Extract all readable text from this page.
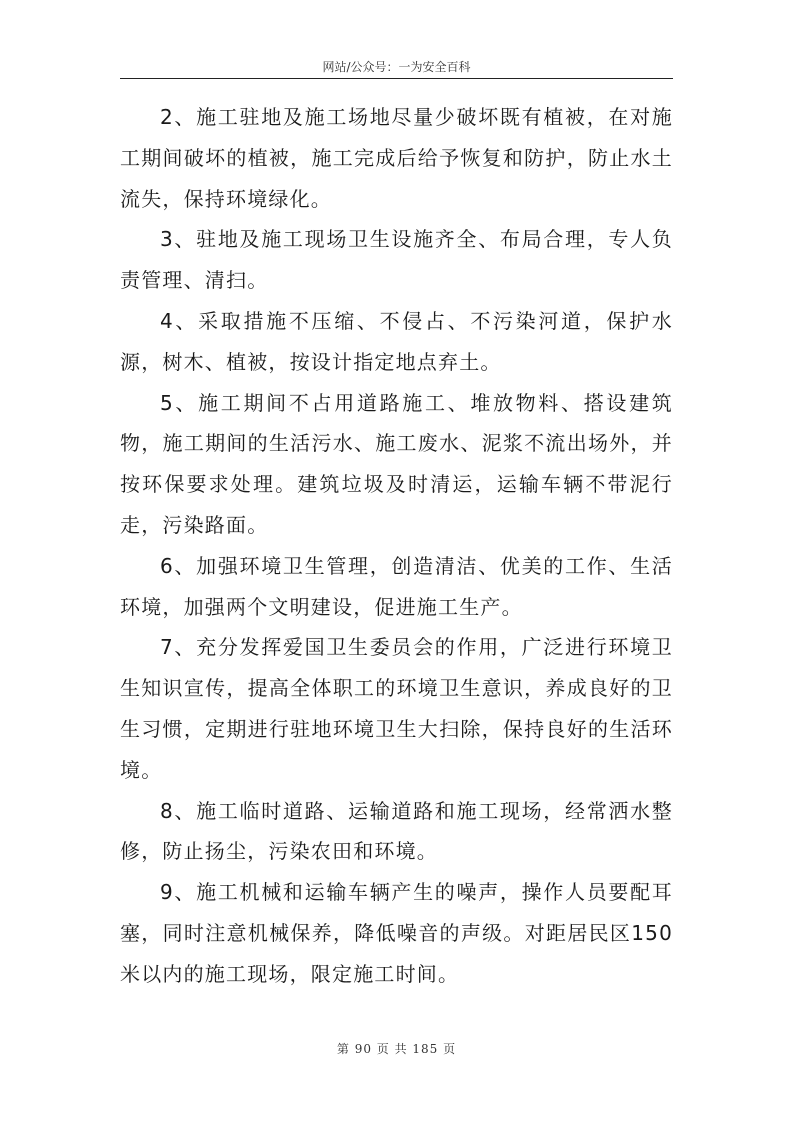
网站/公众号：一为安全百科

2、施工驻地及施工场地尽量少破坏既有植被，在对施工期间破坏的植被，施工完成后给予恢复和防护，防止水土流失，保持环境绿化。

3、驻地及施工现场卫生设施齐全、布局合理，专人负责管理、清扫。

4、采取措施不压缩、不侵占、不污染河道，保护水源，树木、植被，按设计指定地点弃土。

5、施工期间不占用道路施工、堆放物料、搭设建筑物，施工期间的生活污水、施工废水、泥浆不流出场外，并按环保要求处理。建筑垃圾及时清运，运输车辆不带泥行走，污染路面。

6、加强环境卫生管理，创造清洁、优美的工作、生活环境，加强两个文明建设，促进施工生产。

7、充分发挥爱国卫生委员会的作用，广泛进行环境卫生知识宣传，提高全体职工的环境卫生意识，养成良好的卫生习惯，定期进行驻地环境卫生大扫除，保持良好的生活环境。

8、施工临时道路、运输道路和施工现场，经常洒水整修，防止扬尘，污染农田和环境。

9、施工机械和运输车辆产生的噪声，操作人员要配耳塞，同时注意机械保养，降低噪音的声级。对距居民区150米以内的施工现场，限定施工时间。

第 90 页 共 185 页
